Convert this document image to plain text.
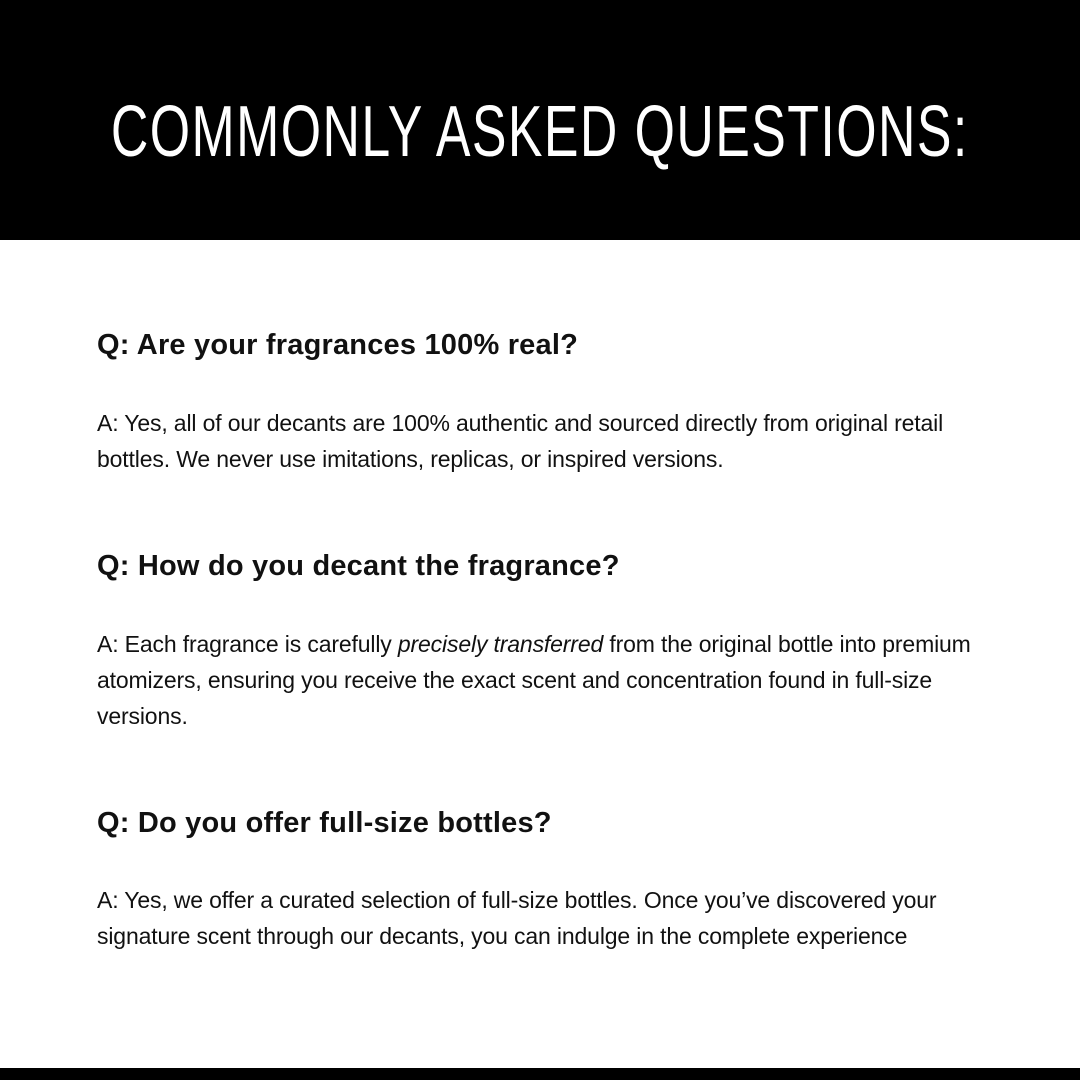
COMMONLY ASKED QUESTIONS:
Q: Are your fragrances 100% real?

A: Yes, all of our decants are 100% authentic and sourced directly from original retail bottles. We never use imitations, replicas, or inspired versions.

Q: How do you decant the fragrance?

A: Each fragrance is carefully precisely transferred from the original bottle into premium atomizers, ensuring you receive the exact scent and concentration found in full-size versions.

Q: Do you offer full-size bottles?

A: Yes, we offer a curated selection of full-size bottles. Once you’ve discovered your signature scent through our decants, you can indulge in the complete experience
